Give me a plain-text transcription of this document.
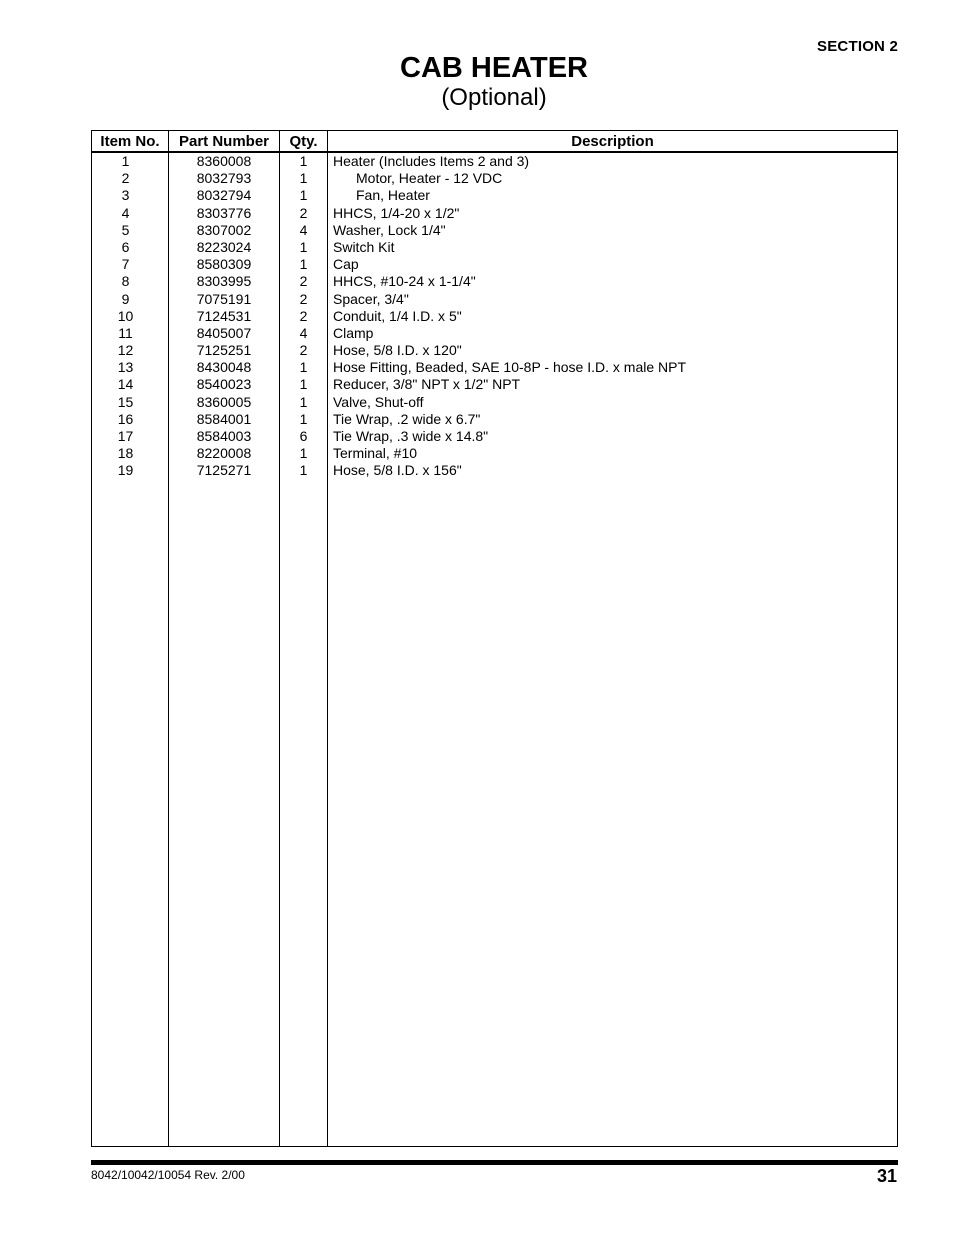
SECTION 2
CAB HEATER
(Optional)
Item No.	Part Number	Qty.	Description
1	8360008	1	Heater (Includes Items 2 and 3)
2	8032793	1	Motor, Heater - 12 VDC
3	8032794	1	Fan, Heater
4	8303776	2	HHCS, 1/4-20 x 1/2"
5	8307002	4	Washer, Lock 1/4"
6	8223024	1	Switch Kit
7	8580309	1	Cap
8	8303995	2	HHCS, #10-24 x 1-1/4"
9	7075191	2	Spacer, 3/4"
10	7124531	2	Conduit, 1/4 I.D. x 5"
11	8405007	4	Clamp
12	7125251	2	Hose, 5/8 I.D. x 120"
13	8430048	1	Hose Fitting, Beaded, SAE 10-8P - hose I.D. x male NPT
14	8540023	1	Reducer, 3/8" NPT x 1/2" NPT
15	8360005	1	Valve, Shut-off
16	8584001	1	Tie Wrap, .2 wide x 6.7"
17	8584003	6	Tie Wrap, .3 wide x 14.8"
18	8220008	1	Terminal, #10
19	7125271	1	Hose, 5/8 I.D. x 156"
8042/10042/10054 Rev. 2/00	31
